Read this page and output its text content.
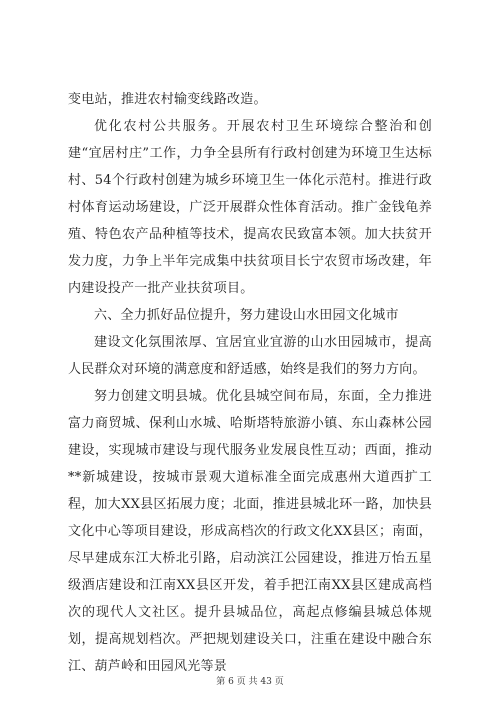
变电站，推进农村输变线路改造。

优化农村公共服务。开展农村卫生环境综合整治和创建“宜居村庄”工作，力争全县所有行政村创建为环境卫生达标村、54个行政村创建为城乡环境卫生一体化示范村。推进行政村体育运动场建设，广泛开展群众性体育活动。推广金钱龟养殖、特色农产品种植等技术，提高农民致富本领。加大扶贫开发力度，力争上半年完成集中扶贫项目长宁农贸市场改建，年内建设投产一批产业扶贫项目。

六、全力抓好品位提升，努力建设山水田园文化城市

建设文化氛围浓厚、宜居宜业宜游的山水田园城市，提高人民群众对环境的满意度和舒适感，始终是我们的努力方向。

努力创建文明县城。优化县城空间布局，东面，全力推进富力商贸城、保利山水城、哈斯塔特旅游小镇、东山森林公园建设，实现城市建设与现代服务业发展良性互动；西面，推动**新城建设，按城市景观大道标准全面完成惠州大道西扩工程，加大XX县区拓展力度；北面，推进县城北环一路，加快县文化中心等项目建设，形成高档次的行政文化XX县区；南面，尽早建成东江大桥北引路，启动滨江公园建设，推进万怡五星级酒店建设和江南XX县区开发，着手把江南XX县区建成高档次的现代人文社区。提升县城品位，高起点修编县城总体规划，提高规划档次。严把规划建设关口，注重在建设中融合东江、葫芦岭和田园风光等景

第 6 页 共 43 页
